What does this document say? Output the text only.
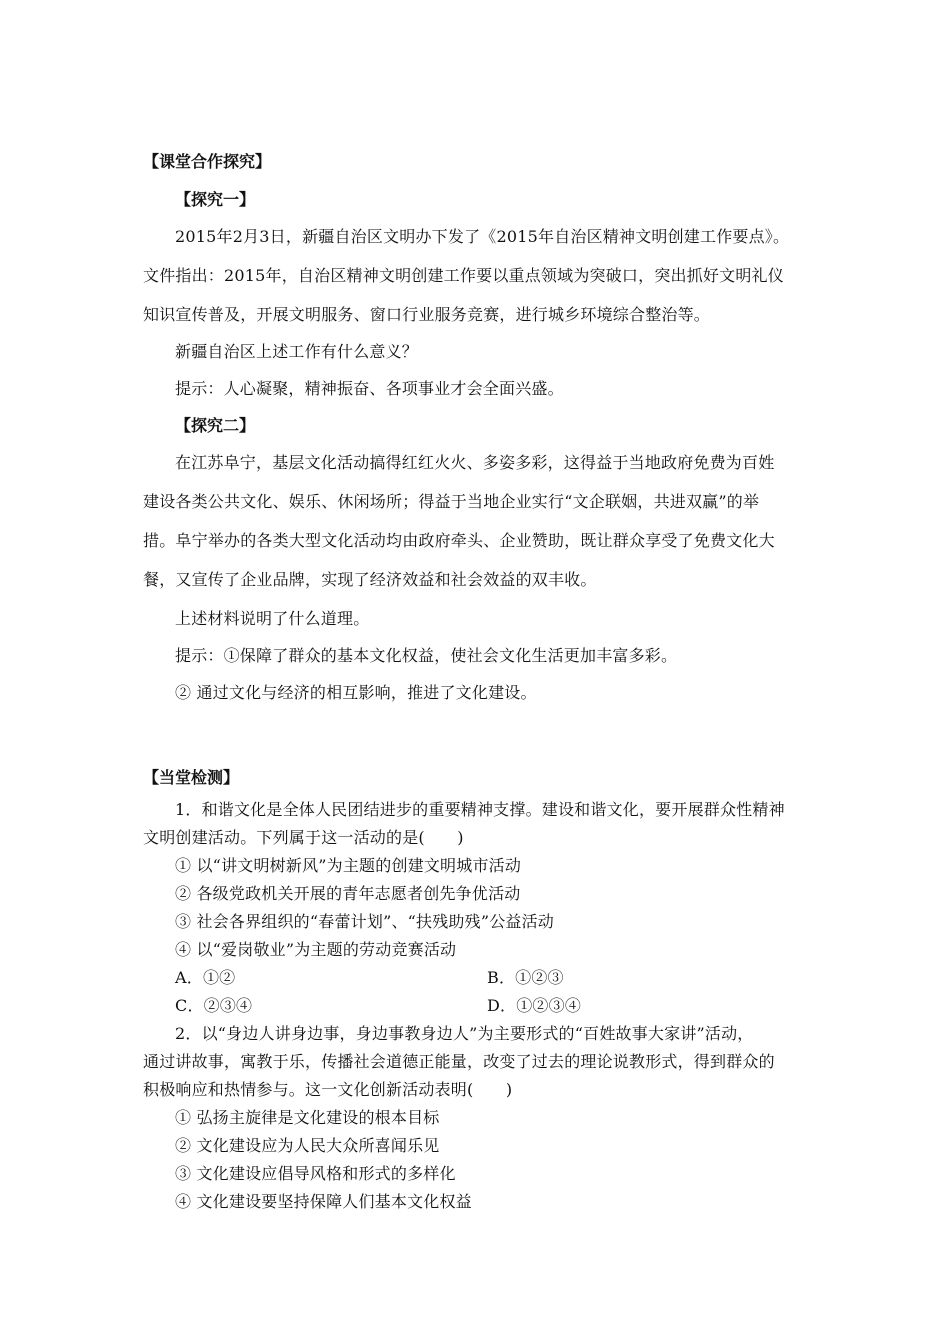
【课堂合作探究】
【探究一】
2015年2月3日，新疆自治区文明办下发了《2015年自治区精神文明创建工作要点》。
文件指出：2015年，自治区精神文明创建工作要以重点领域为突破口，突出抓好文明礼仪
知识宣传普及，开展文明服务、窗口行业服务竞赛，进行城乡环境综合整治等。
新疆自治区上述工作有什么意义？
提示：人心凝聚，精神振奋、各项事业才会全面兴盛。
【探究二】
在江苏阜宁，基层文化活动搞得红红火火、多姿多彩，这得益于当地政府免费为百姓
建设各类公共文化、娱乐、休闲场所；得益于当地企业实行“文企联姻，共进双赢”的举
措。阜宁举办的各类大型文化活动均由政府牵头、企业赞助，既让群众享受了免费文化大
餐，又宣传了企业品牌，实现了经济效益和社会效益的双丰收。
上述材料说明了什么道理。
提示：①保障了群众的基本文化权益，使社会文化生活更加丰富多彩。
② 通过文化与经济的相互影响，推进了文化建设。
【当堂检测】
1．和谐文化是全体人民团结进步的重要精神支撑。建设和谐文化，要开展群众性精神
文明创建活动。下列属于这一活动的是(　　)
① 以“讲文明树新风”为主题的创建文明城市活动
② 各级党政机关开展的青年志愿者创先争优活动
③ 社会各界组织的“春蕾计划”、“扶残助残”公益活动
④ 以“爱岗敬业”为主题的劳动竞赛活动
A．①②	B．①②③
C．②③④	D．①②③④
2．以“身边人讲身边事，身边事教身边人”为主要形式的“百姓故事大家讲”活动，
通过讲故事，寓教于乐，传播社会道德正能量，改变了过去的理论说教形式，得到群众的
积极响应和热情参与。这一文化创新活动表明(　　)
① 弘扬主旋律是文化建设的根本目标
② 文化建设应为人民大众所喜闻乐见
③ 文化建设应倡导风格和形式的多样化
④ 文化建设要坚持保障人们基本文化权益
